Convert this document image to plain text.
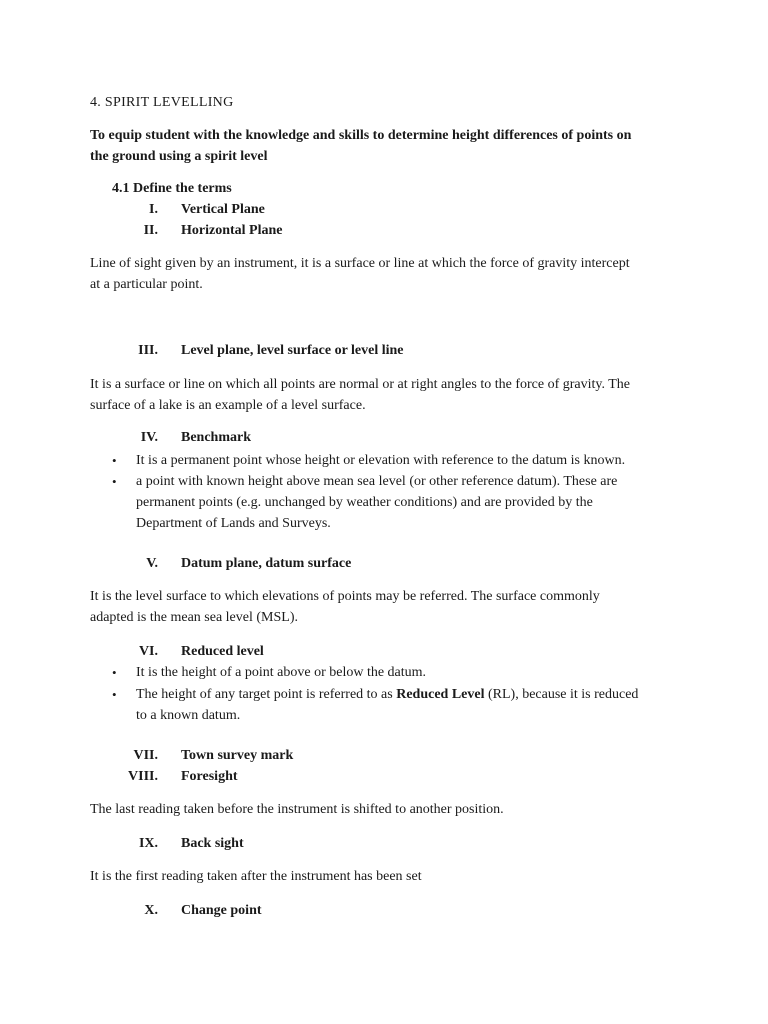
4. SPIRIT LEVELLING
To equip student with the knowledge and skills to determine height differences of points on
the ground using a spirit level
4.1 Define the terms
I. Vertical Plane
II. Horizontal Plane
Line of sight given by an instrument, it is a surface or line at which the force of gravity intercept
at a particular point.
III. Level plane, level surface or level line
It is a surface or line on which all points are normal or at right angles to the force of gravity. The
surface of a lake is an example of a level surface.
IV. Benchmark
•	It is a permanent point whose height or elevation with reference to the datum is known.
•	a point with known height above mean sea level (or other reference datum). These are
permanent points (e.g. unchanged by weather conditions) and are provided by the
Department of Lands and Surveys.
V. Datum plane, datum surface
It is the level surface to which elevations of points may be referred. The surface commonly
adapted is the mean sea level (MSL).
VI. Reduced level
•	It is the height of a point above or below the datum.
•	The height of any target point is referred to as Reduced Level (RL), because it is reduced
to a known datum.
VII. Town survey mark
VIII. Foresight
The last reading taken before the instrument is shifted to another position.
IX. Back sight
It is the first reading taken after the instrument has been set
X. Change point
